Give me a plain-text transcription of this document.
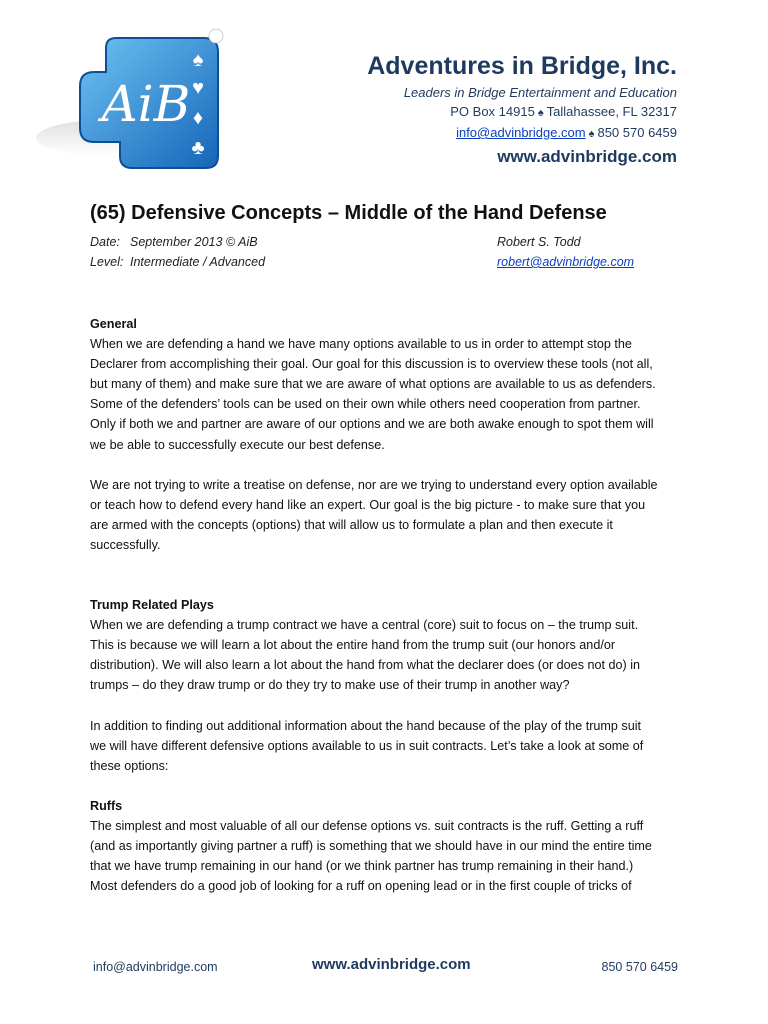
AiB
♠
♥
♦
♣
Adventures in Bridge, Inc.
Leaders in Bridge Entertainment and Education
PO Box 14915 ♠ Tallahassee, FL 32317
info@advinbridge.com ♠ 850 570 6459
www.advinbridge.com
(65) Defensive Concepts – Middle of the Hand Defense
Date: September 2013 © AiB
Level: Intermediate / Advanced
Robert S. Todd
robert@advinbridge.com
General

When we are defending a hand we have many options available to us in order to attempt stop the
Declarer from accomplishing their goal. Our goal for this discussion is to overview these tools (not all,
but many of them) and make sure that we are aware of what options are available to us as defenders.
Some of the defenders’ tools can be used on their own while others need cooperation from partner.
Only if both we and partner are aware of our options and we are both awake enough to spot them will
we be able to successfully execute our best defense.

We are not trying to write a treatise on defense, nor are we trying to understand every option available
or teach how to defend every hand like an expert. Our goal is the big picture - to make sure that you
are armed with the concepts (options) that will allow us to formulate a plan and then execute it
successfully.

Trump Related Plays

When we are defending a trump contract we have a central (core) suit to focus on – the trump suit.
This is because we will learn a lot about the entire hand from the trump suit (our honors and/or
distribution). We will also learn a lot about the hand from what the declarer does (or does not do) in
trumps – do they draw trump or do they try to make use of their trump in another way?

In addition to finding out additional information about the hand because of the play of the trump suit
we will have different defensive options available to us in suit contracts. Let’s take a look at some of
these options:

Ruffs

The simplest and most valuable of all our defense options vs. suit contracts is the ruff. Getting a ruff
(and as importantly giving partner a ruff) is something that we should have in our mind the entire time
that we have trump remaining in our hand (or we think partner has trump remaining in their hand.)
Most defenders do a good job of looking for a ruff on opening lead or in the first couple of tricks of

info@advinbridge.com	www.advinbridge.com	850 570 6459
